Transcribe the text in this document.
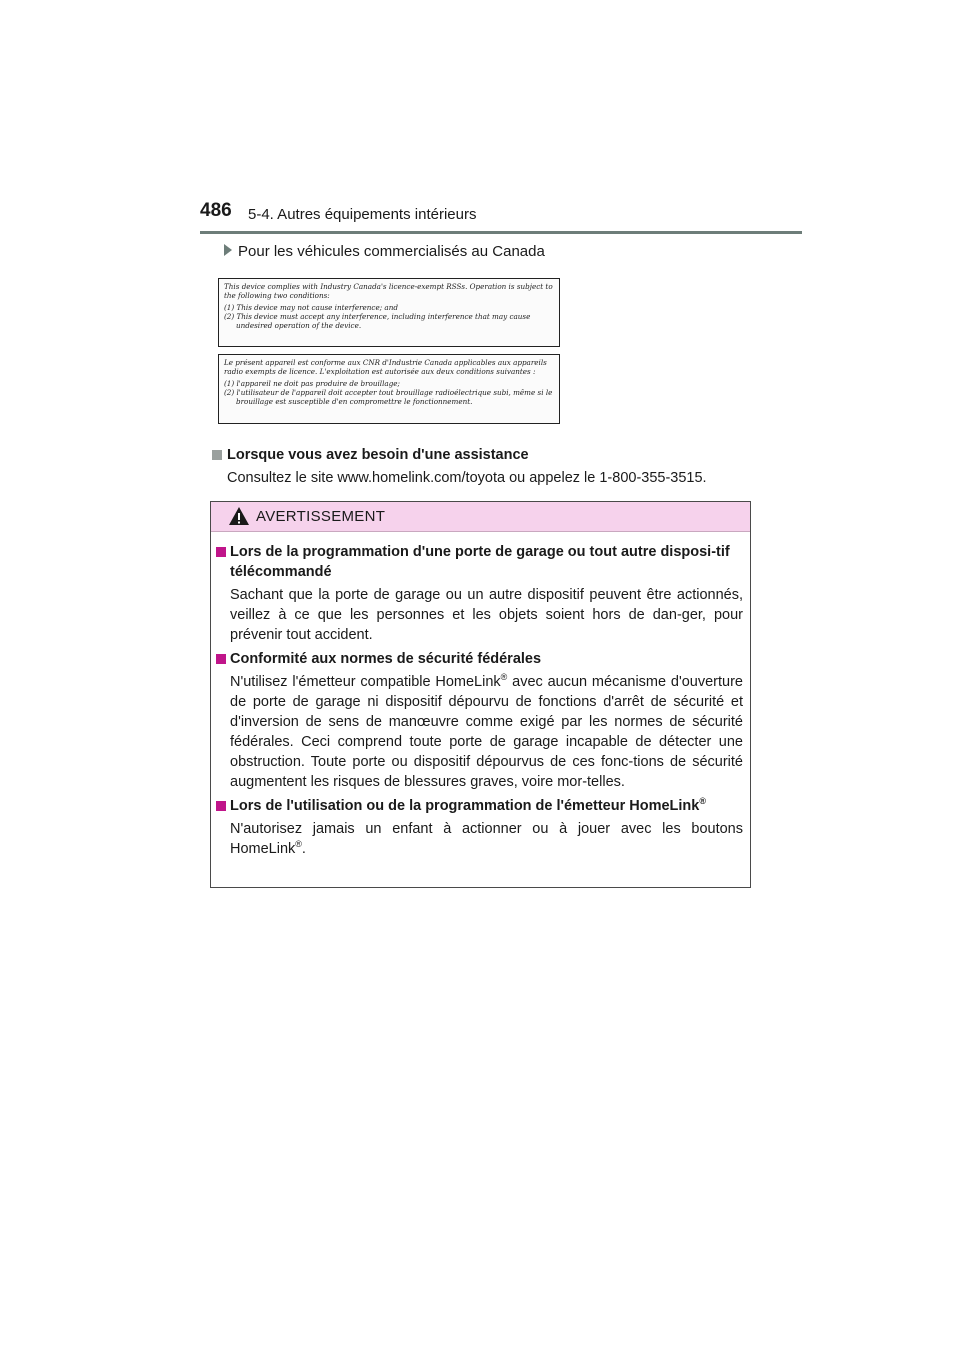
486 5-4. Autres équipements intérieurs
Pour les véhicules commercialisés au Canada

This device complies with Industry Canada's licence-exempt RSSs. Operation is subject to the following two conditions:

(1) This device may not cause interference; and

(2) This device must accept any interference, including interference that may cause undesired operation of the device.

Le présent appareil est conforme aux CNR d'Industrie Canada applicables aux appareils radio exempts de licence. L'exploitation est autorisée aux deux conditions suivantes :

(1) l'appareil ne doit pas produire de brouillage;

(2) l'utilisateur de l'appareil doit accepter tout brouillage radioélectrique subi, même si le brouillage est susceptible d'en compromettre le fonctionnement.

Lorsque vous avez besoin d'une assistance
Consultez le site www.homelink.com/toyota ou appelez le 1-800-355-3515.
AVERTISSEMENT
Lors de la programmation d'une porte de garage ou tout autre disposi-tif télécommandé
Sachant que la porte de garage ou un autre dispositif peuvent être actionnés, veillez à ce que les personnes et les objets soient hors de dan-ger, pour prévenir tout accident.
Conformité aux normes de sécurité fédérales
N'utilisez l'émetteur compatible HomeLink® avec aucun mécanisme d'ouverture de porte de garage ni dispositif dépourvu de fonctions d'arrêt de sécurité et d'inversion de sens de manœuvre comme exigé par les normes de sécurité fédérales. Ceci comprend toute porte de garage incapable de détecter une obstruction. Toute porte ou dispositif dépourvus de ces fonc-tions de sécurité augmentent les risques de blessures graves, voire mor-telles.
Lors de l'utilisation ou de la programmation de l'émetteur HomeLink®
N'autorisez jamais un enfant à actionner ou à jouer avec les boutons HomeLink®.
